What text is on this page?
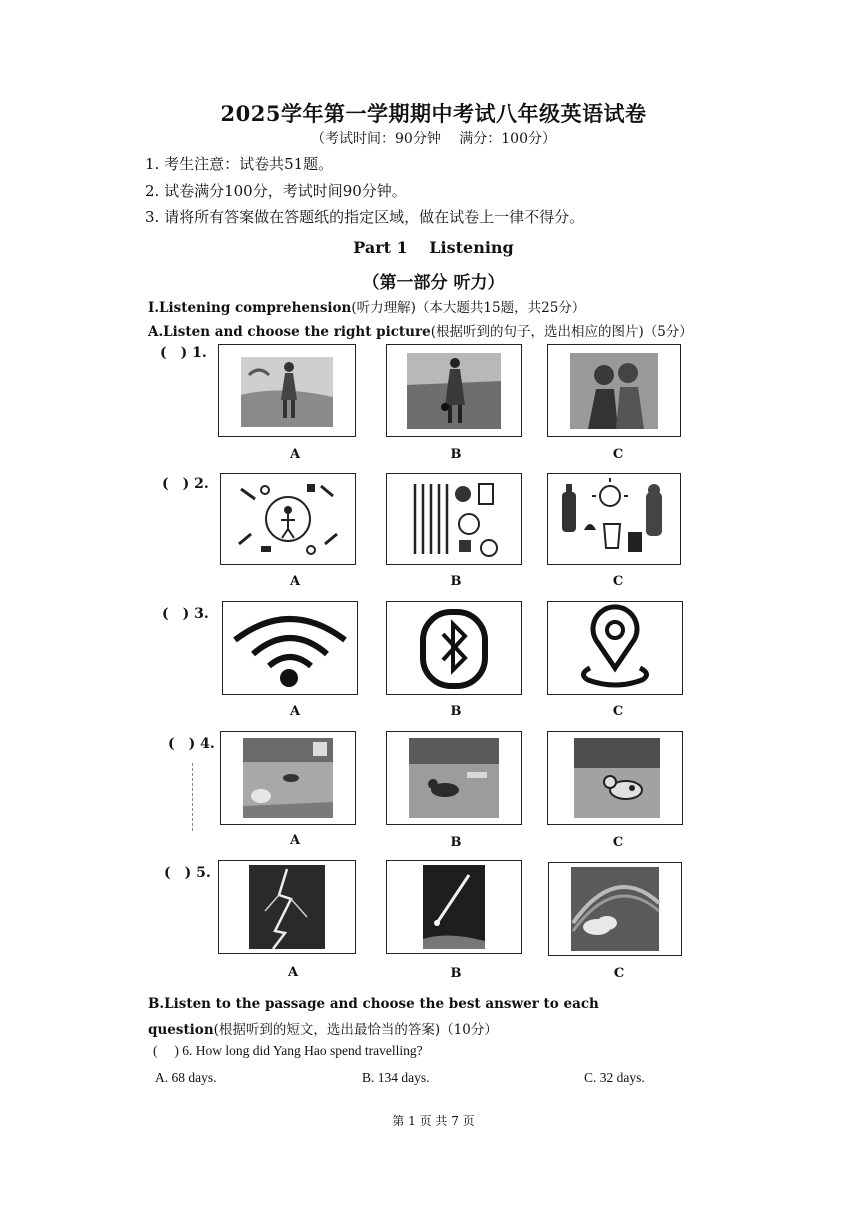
2025学年第一学期期中考试八年级英语试卷
（考试时间：90分钟　 满分：100分）
1. 考生注意：试卷共51题。
2. 试卷满分100分，考试时间90分钟。
3. 请将所有答案做在答题纸的指定区域，做在试卷上一律不得分。
Part 1　 Listening
（第一部分 听力）
I.Listening comprehension(听力理解)（本大题共15题，共25分）
A.Listen and choose the right picture(根据听到的句子，选出相应的图片)（5分）
(　) 1.
A	B	C
(　) 2.
A	B	C
(　) 3.
A	B	C
(　) 4.
A	B	C
(　) 5.
A	B	C
B.Listen to the passage and choose the best answer to each
question(根据听到的短文，选出最恰当的答案)（10分）
(　 ) 6. How long did Yang Hao spend travelling?
A. 68 days.	B. 134 days.	C. 32 days.
第 1 页 共 7 页
